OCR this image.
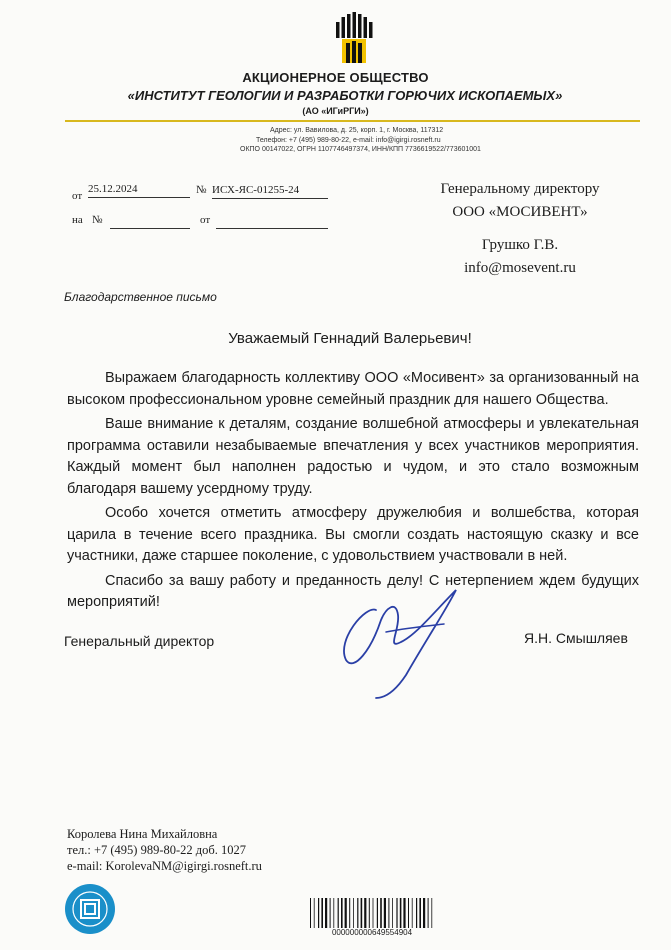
АКЦИОНЕРНОЕ ОБЩЕСТВО
«ИНСТИТУТ ГЕОЛОГИИ И РАЗРАБОТКИ ГОРЮЧИХ ИСКОПАЕМЫХ»
(АО «ИГиРГИ»)
Адрес: ул. Вавилова, д. 25, корп. 1, г. Москва, 117312
Телефон: +7 (495) 989-80-22, e-mail: info@igirgi.rosneft.ru
ОКПО 00147022, ОГРН 1107746497374, ИНН/КПП 7736619522/773601001
от
25.12.2024	№ ИСХ-ЯС-01255-24
на №	от
Генеральному директору
ООО «МОСИВЕНТ»
Грушко Г.В.
info@mosevent.ru
Благодарственное письмо
Уважаемый Геннадий Валерьевич!

Выражаем благодарность коллективу ООО «Мосивент» за организованный на высоком профессиональном уровне семейный праздник для нашего Общества.

Ваше внимание к деталям, создание волшебной атмосферы и увлекательная программа оставили незабываемые впечатления у всех участников мероприятия. Каждый момент был наполнен радостью и чудом, и это стало возможным благодаря вашему усердному труду.

Особо хочется отметить атмосферу дружелюбия и волшебства, которая царила в течение всего праздника. Вы смогли создать настоящую сказку и все участники, даже старшее поколение, с удовольствием участвовали в ней.

Спасибо за вашу работу и преданность делу! С нетерпением ждем будущих мероприятий!

Генеральный директор	Я.Н. Смышляев
Королева Нина Михайловна
тел.: +7 (495) 989-80-22 доб. 1027
e-mail: KorolevaNM@igirgi.rosneft.ru
000000000649554904
